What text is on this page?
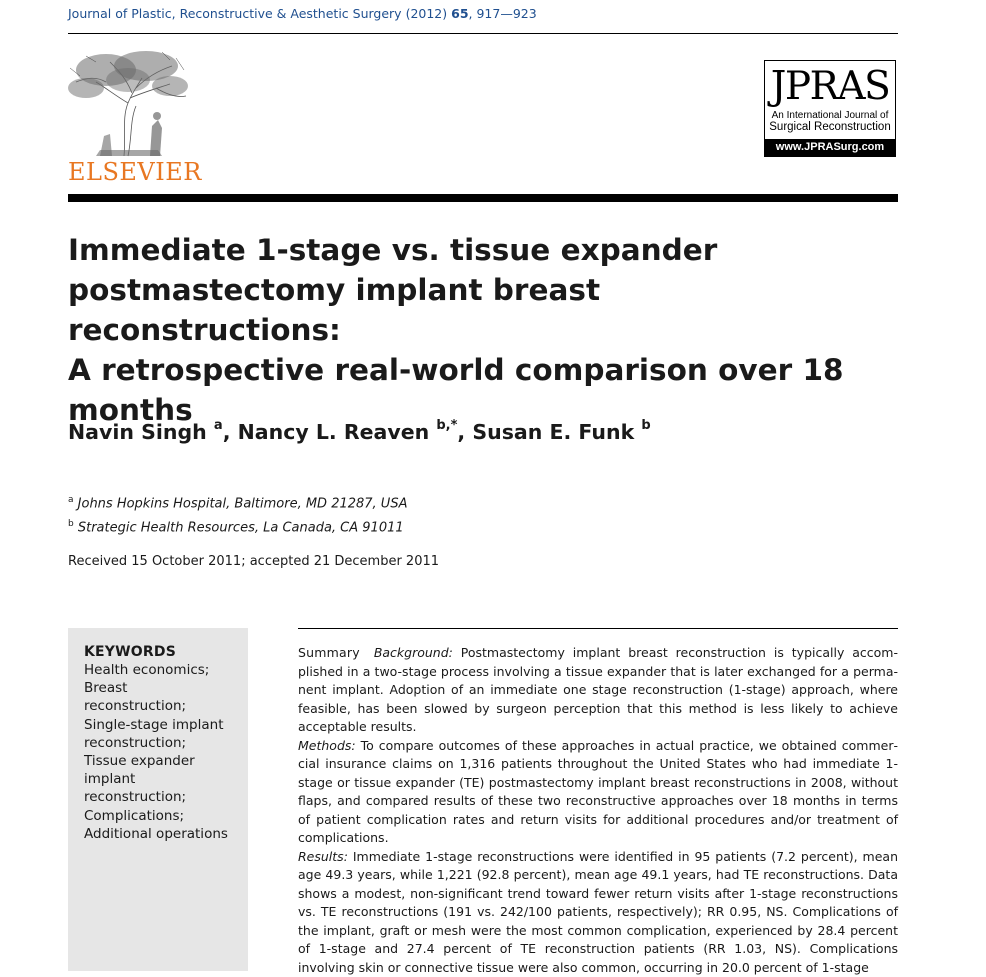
Journal of Plastic, Reconstructive & Aesthetic Surgery (2012) 65, 917—923
ELSEVIER
JPRAS
An International Journal of
Surgical Reconstruction
www.JPRASurg.com
Immediate 1-stage vs. tissue expander
postmastectomy implant breast reconstructions:
A retrospective real-world comparison over 18
months
Navin Singh $^a$, Nancy L. Reaven $^{b,*}$, Susan E. Funk $^b$
$^a$ Johns Hopkins Hospital, Baltimore, MD 21287, USA
$^b$ Strategic Health Resources, La Canada, CA 91011
Received 15 October 2011; accepted 21 December 2011
KEYWORDS
Health economics;
Breast
reconstruction;
Single-stage implant
reconstruction;
Tissue expander
implant
reconstruction;
Complications;
Additional operations

Summary Background: Postmastectomy implant breast reconstruction is typically accomplished in a two-stage process involving a tissue expander that is later exchanged for a permanent implant. Adoption of an immediate one stage reconstruction (1-stage) approach, where feasible, has been slowed by surgeon perception that this method is less likely to achieve acceptable results.

Methods: To compare outcomes of these approaches in actual practice, we obtained commercial insurance claims on 1,316 patients throughout the United States who had immediate 1-stage or tissue expander (TE) postmastectomy implant breast reconstructions in 2008, without flaps, and compared results of these two reconstructive approaches over 18 months in terms of patient complication rates and return visits for additional procedures and/or treatment of complications.

Results: Immediate 1-stage reconstructions were identified in 95 patients (7.2 percent), mean age 49.3 years, while 1,221 (92.8 percent), mean age 49.1 years, had TE reconstructions. Data shows a modest, non-significant trend toward fewer return visits after 1-stage reconstructions vs. TE reconstructions (191 vs. 242/100 patients, respectively); RR 0.95, NS. Complications of the implant, graft or mesh were the most common complication, experienced by 28.4 percent of 1-stage and 27.4 percent of TE reconstruction patients (RR 1.03, NS). Complications involving skin or connective tissue were also common, occurring in 20.0 percent of 1-stage
